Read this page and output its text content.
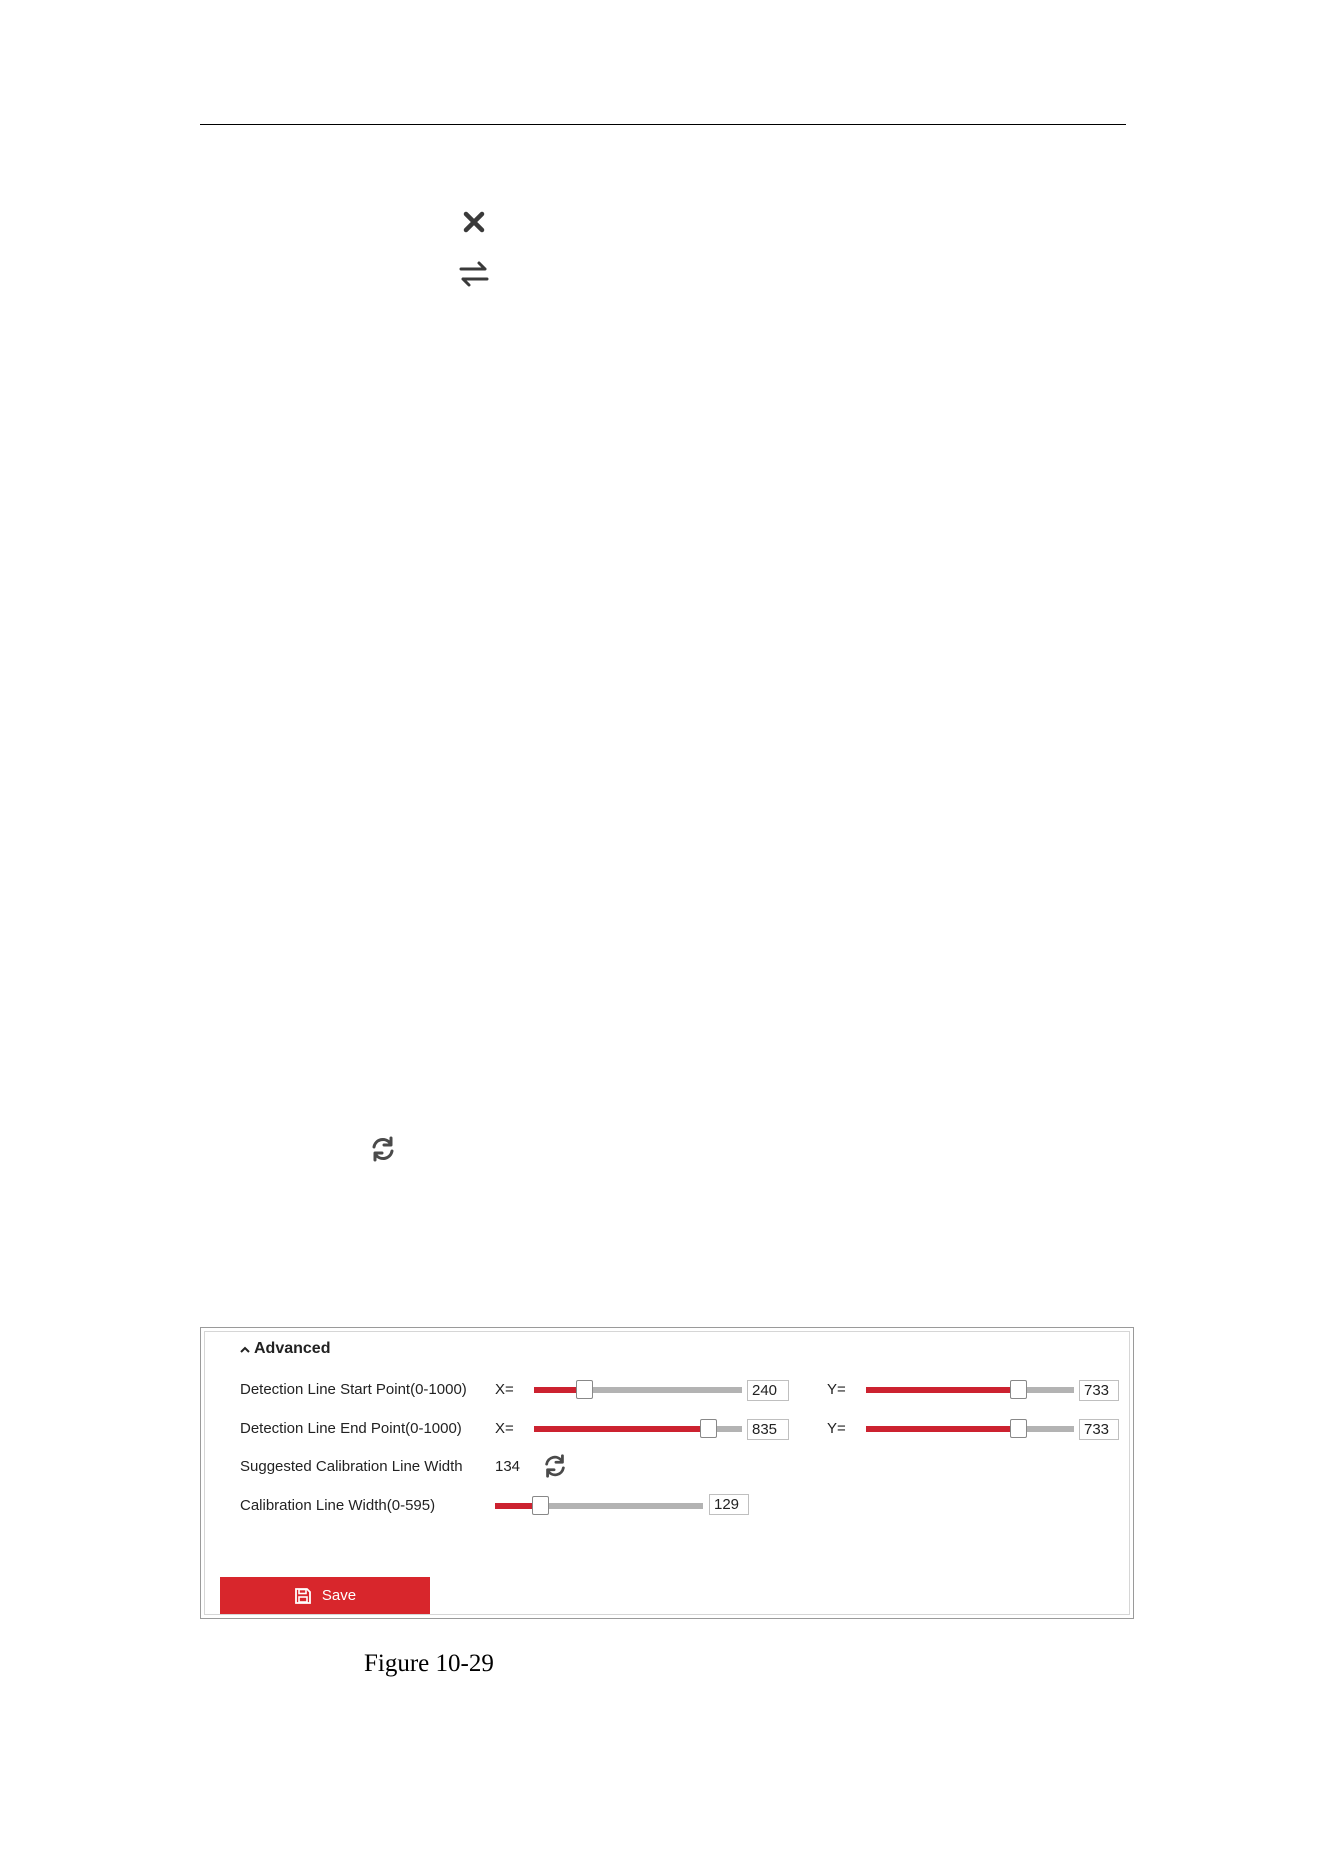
Advanced
Detection Line Start Point(0-1000) X=	240	Y=	733
Detection Line End Point(0-1000) X=	835	Y=	733
Suggested Calibration Line Width 134
Calibration Line Width(0-595)	129
Save
Figure 10-29
